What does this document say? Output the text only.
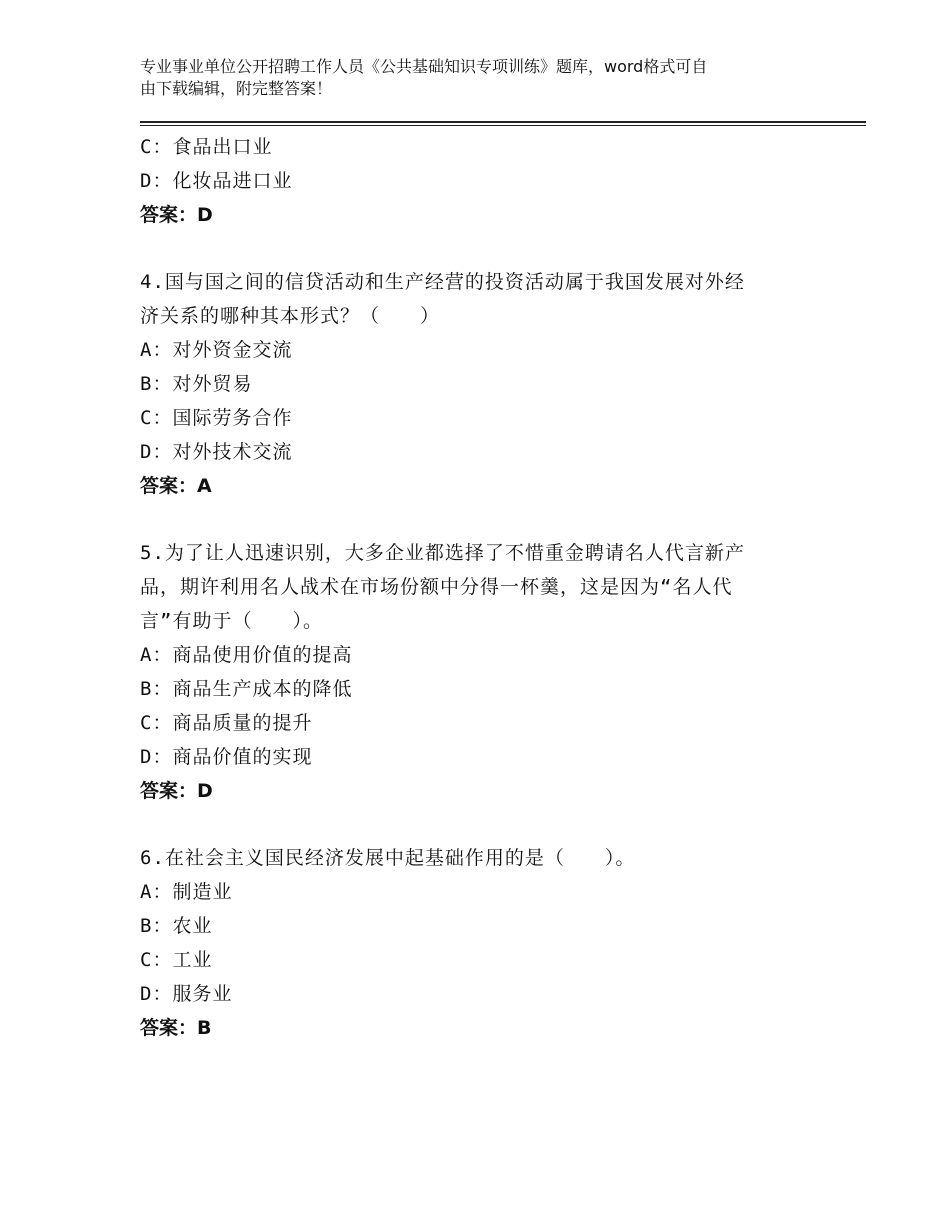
专业事业单位公开招聘工作人员《公共基础知识专项训练》题库，word格式可自
由下载编辑，附完整答案！
C：食品出口业
D：化妆品进口业
答案：D
4.国与国之间的信贷活动和生产经营的投资活动属于我国发展对外经
济关系的哪种其本形式？（　　）
A：对外资金交流
B：对外贸易
C：国际劳务合作
D：对外技术交流
答案：A
5.为了让人迅速识别，大多企业都选择了不惜重金聘请名人代言新产
品，期许利用名人战术在市场份额中分得一杯羹，这是因为“名人代
言”有助于（　　）。
A：商品使用价值的提高
B：商品生产成本的降低
C：商品质量的提升
D：商品价值的实现
答案：D
6.在社会主义国民经济发展中起基础作用的是（　　）。
A：制造业
B：农业
C：工业
D：服务业
答案：B
